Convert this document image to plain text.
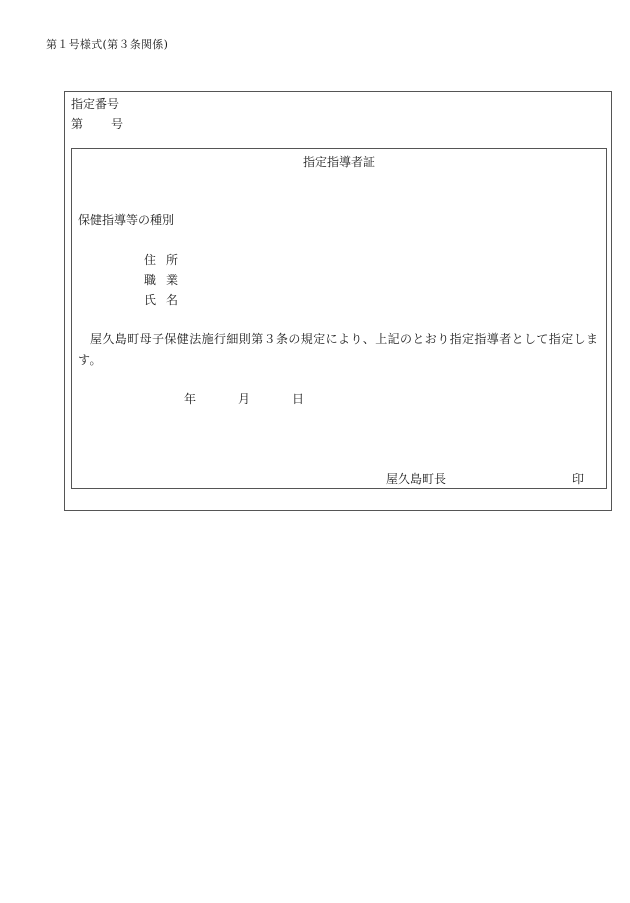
第１号様式(第３条関係)
指定番号
第 号
指定指導者証
保健指導等の種別
住 所
職 業
氏 名
屋久島町母子保健法施行細則第３条の規定により、上記のとおり指定指導者として指定します。
年	月	日
屋久島町長	印
